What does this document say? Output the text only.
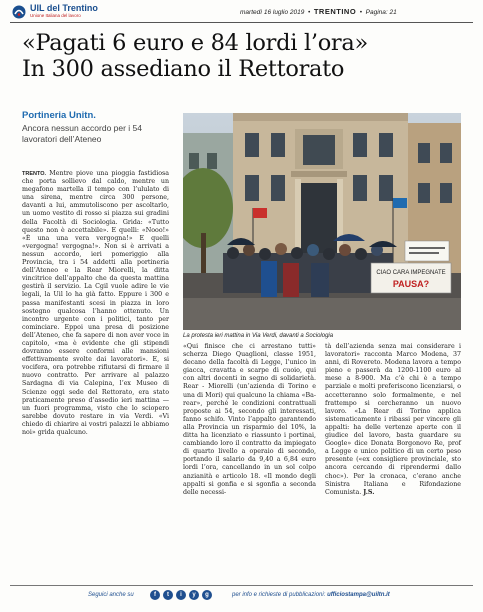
UIL del Trentino
Unione Italiana del lavoro	martedì 16 luglio 2019  •  TRENTINO  •  Pagina: 21
«Pagati 6 euro e 84 lordi l’ora»
In 300 assediano il Rettorato
Portineria Unitn.
Ancora nessun accordo per i 54 lavoratori dell’Ateneo
CIAO CARA IMPEGNATE
PAUSA?
La protesta ieri mattina in Via Verdi, davanti a Sociologia

TRENTO. Mentre piove una pioggia fastidiosa che porta sollievo dal caldo, mentre un megafono martella il tempo con l’ululato di una sirena, mentre circa 300 persone, davanti a lui, ammutoliscono per ascoltarlo, un uomo vestito di rosso si piazza sui gradini della Facoltà di Sociologia. Grida: «Tutto questo non è accettabile». E quelli: «Nooo!» «È una una vera vergogna!» E quelli «vergogna! vergogna!». Non si è arrivati a nessun accordo, ieri pomeriggio alla Provincia, tra i 54 addetti alla portineria dell’Ateneo e la Rear Miorelli, la ditta vincitrice dell’appalto che da questa mattina gestirà il servizio. La Cgil vuole adire le vie legali, la Uil lo ha già fatto. Eppure i 300 e passa manifestanti scesi in piazza in loro sostegno qualcosa l’hanno ottenuto. Un incontro urgente con i politici, tanto per cominciare. Eppoi una presa di posizione dell’Ateneo, che fa sapere di non aver voce in capitolo, «ma è evidente che gli stipendi dovranno essere conformi alle mansioni effettivamente svolte dai lavoratori». E, si vocifera, ora potrebbe rifiutarsi di firmare il nuovo contratto. Per arrivare al palazzo Sardagna di via Calepina, l’ex Museo di Scienze oggi sede del Rettorato, era stato praticamente preso d’assedio ieri mattina — un fuori programma, visto che lo sciopero sarebbe dovuto restare in via Verdi. «Vi chiedo di chiarire ai vostri palazzi le abbiamo noi» grida qualcuno.

«Qui finisce che ci arrestano tutti» scherza Diego Quaglioni, classe 1951, decano della facoltà di Legge, l’unico in giacca, cravatta e scarpe di cuoio, qui con altri docenti in segno di solidarietà. Rear - Miorelli (un’azienda di Torino e una di Mori) qui qualcuno la chiama «Ba-rear», perché le condizioni contrattuali proposte ai 54, secondo gli interessati, fanno schifo. Vinto l’appalto garantendo alla Provincia un risparmio del 10%, la ditta ha licenziato e riassunto i portinai, cambiando loro il contratto da impiegato di quarto livello a operaio di secondo, portando il salario da 9,40 a 6,84 euro lordi l’ora, cancellando in un sol colpo anzianità e articolo 18. «Il mondo degli appalti si gonfia e si sgonfia a seconda delle necessi-

tà dell’azienda senza mai considerare i lavoratori» racconta Marco Modena, 37 anni, di Rovereto. Modena lavora a tempo pieno e passerà da 1200-1100 euro al mese a 8-900. Ma c’è chi è a tempo parziale e molti preferiscono licenziarsi, o accetteranno solo formalmente, e nel frattempo si cercheranno un nuovo lavoro. «La Rear di Torino applica sistematicamente i ribassi per vincere gli appalti: ha delle vertenze aperte con il giudice del lavoro, basta guardare su Google» dice Donata Borgonovo Re, prof a Legge e unico politico di un certo peso presente («ex consigliere provinciale, sto ancora cercando di riprendermi dallo choc»). Per la cronaca, c’erano anche Sinistra Italiana e Rifondazione Comunista. J.S.

Seguici anche su	f	t	i	y	g	per info e richieste di pubblicazioni: ufficiostampa@uiltn.it
